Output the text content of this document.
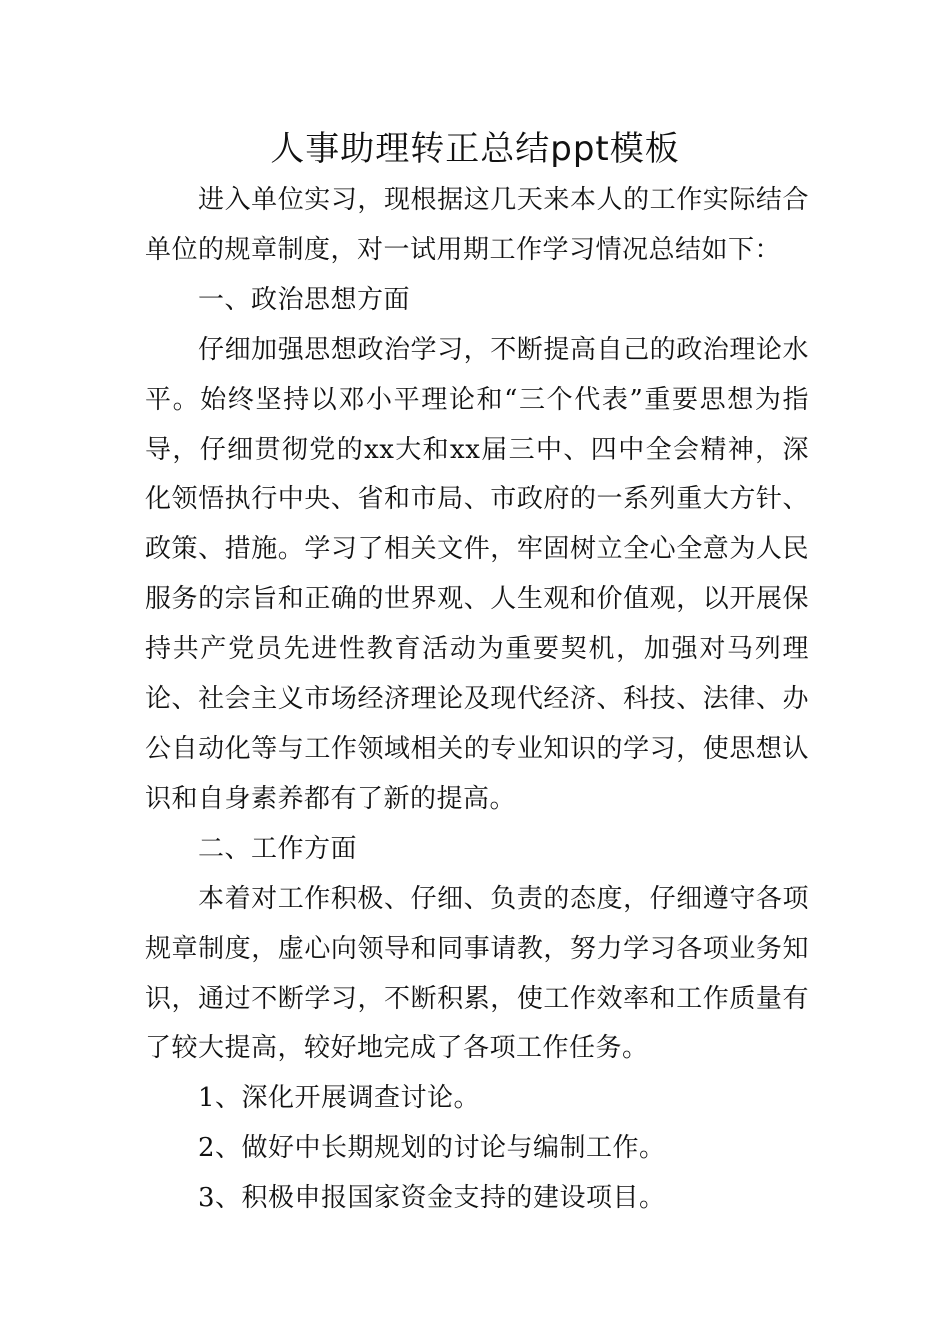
人事助理转正总结ppt模板

进入单位实习，现根据这几天来本人的工作实际结合单位的规章制度，对一试用期工作学习情况总结如下：

一、政治思想方面

仔细加强思想政治学习，不断提高自己的政治理论水平。始终坚持以邓小平理论和“三个代表”重要思想为指导，仔细贯彻党的xx大和xx届三中、四中全会精神，深化领悟执行中央、省和市局、市政府的一系列重大方针、政策、措施。学习了相关文件，牢固树立全心全意为人民服务的宗旨和正确的世界观、人生观和价值观，以开展保持共产党员先进性教育活动为重要契机，加强对马列理论、社会主义市场经济理论及现代经济、科技、法律、办公自动化等与工作领域相关的专业知识的学习，使思想认识和自身素养都有了新的提高。

二、工作方面

本着对工作积极、仔细、负责的态度，仔细遵守各项规章制度，虚心向领导和同事请教，努力学习各项业务知识，通过不断学习，不断积累，使工作效率和工作质量有了较大提高，较好地完成了各项工作任务。

1、深化开展调查讨论。

2、做好中长期规划的讨论与编制工作。

3、积极申报国家资金支持的建设项目。
